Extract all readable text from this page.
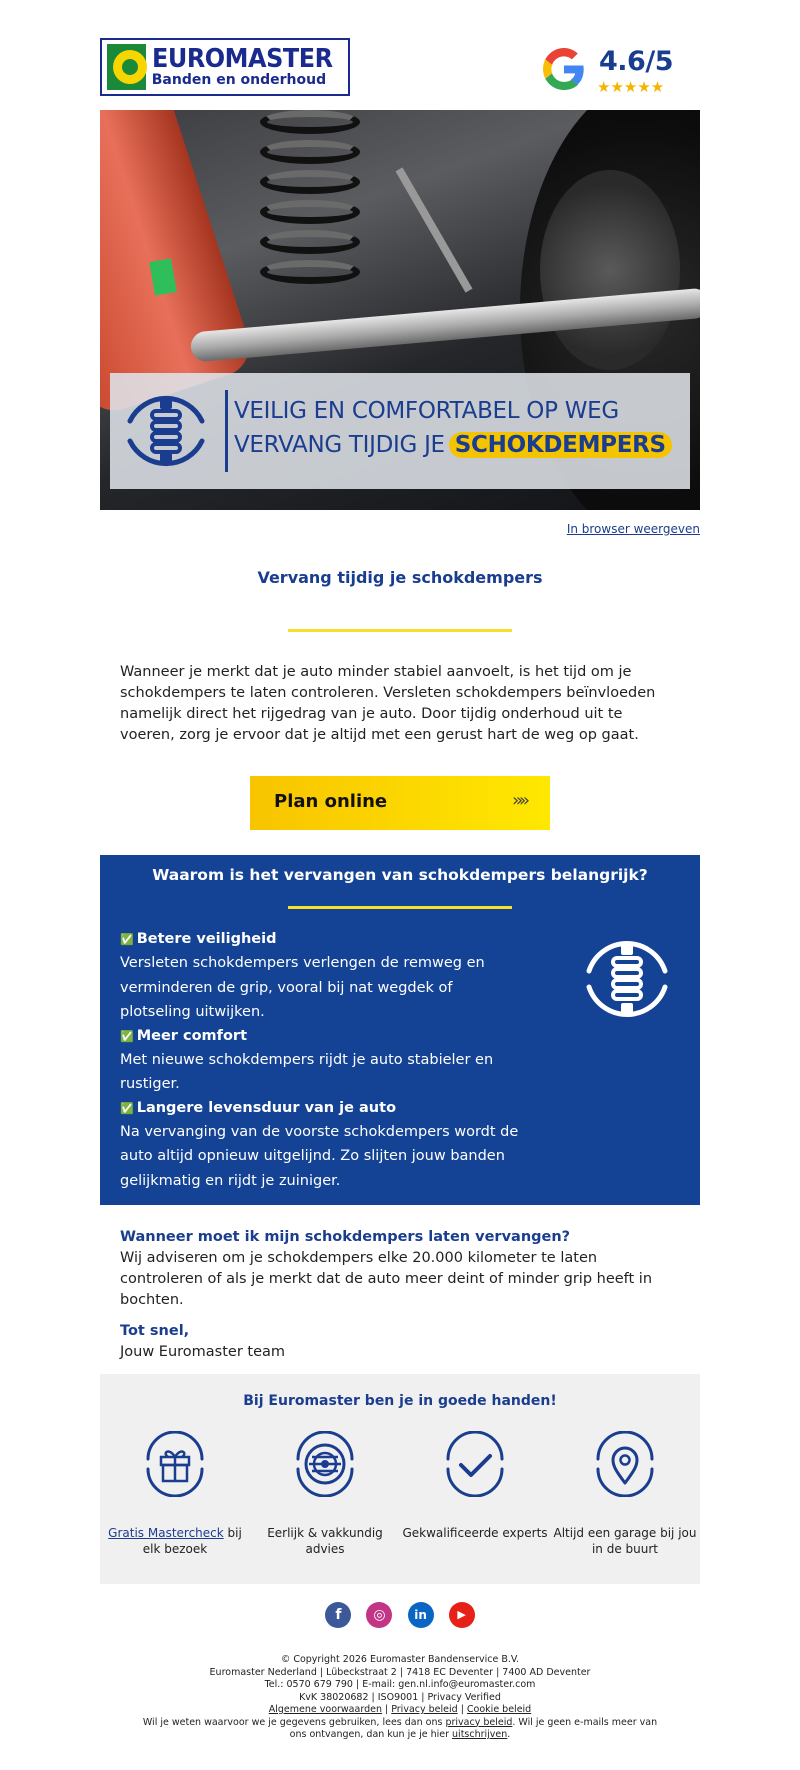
EUROMASTER
Banden en onderhoud
4.6/5
★★★★★
VEILIG EN COMFORTABEL OP WEG
VERVANG TIJDIG JE SCHOKDEMPERS
In browser weergeven
Vervang tijdig je schokdempers

Wanneer je merkt dat je auto minder stabiel aanvoelt, is het tijd om je schokdempers te laten controleren. Versleten schokdempers beïnvloeden namelijk direct het rijgedrag van je auto. Door tijdig onderhoud uit te voeren, zorg je ervoor dat je altijd met een gerust hart de weg op gaat.

Plan online	»»
Waarom is het vervangen van schokdempers belangrijk?
✅ Betere veiligheid
Versleten schokdempers verlengen de remweg en verminderen de grip, vooral bij nat wegdek of plotseling uitwijken.
✅ Meer comfort
Met nieuwe schokdempers rijdt je auto stabieler en rustiger.
✅ Langere levensduur van je auto
Na vervanging van de voorste schokdempers wordt de auto altijd opnieuw uitgelijnd. Zo slijten jouw banden gelijkmatig en rijdt je zuiniger.
Wanneer moet ik mijn schokdempers laten vervangen?
Wij adviseren om je schokdempers elke 20.000 kilometer te laten controleren of als je merkt dat de auto meer deint of minder grip heeft in bochten.
Tot snel,
Jouw Euromaster team
Bij Euromaster ben je in goede handen!
Gratis Mastercheck bij elk bezoek
Eerlijk & vakkundig advies
Gekwalificeerde experts Altijd een garage bij jou in de buurt
f ◎ in	▶
© Copyright 2026 Euromaster Bandenservice B.V.
Euromaster Nederland | Lübeckstraat 2 | 7418 EC Deventer | 7400 AD Deventer
Tel.: 0570 679 790 | E-mail: gen.nl.info@euromaster.com
KvK 38020682 | ISO9001 | Privacy Verified
Algemene voorwaarden | Privacy beleid | Cookie beleid
Wil je weten waarvoor we je gegevens gebruiken, lees dan ons privacy beleid. Wil je geen e-mails meer van ons ontvangen, dan kun je je hier uitschrijven.
